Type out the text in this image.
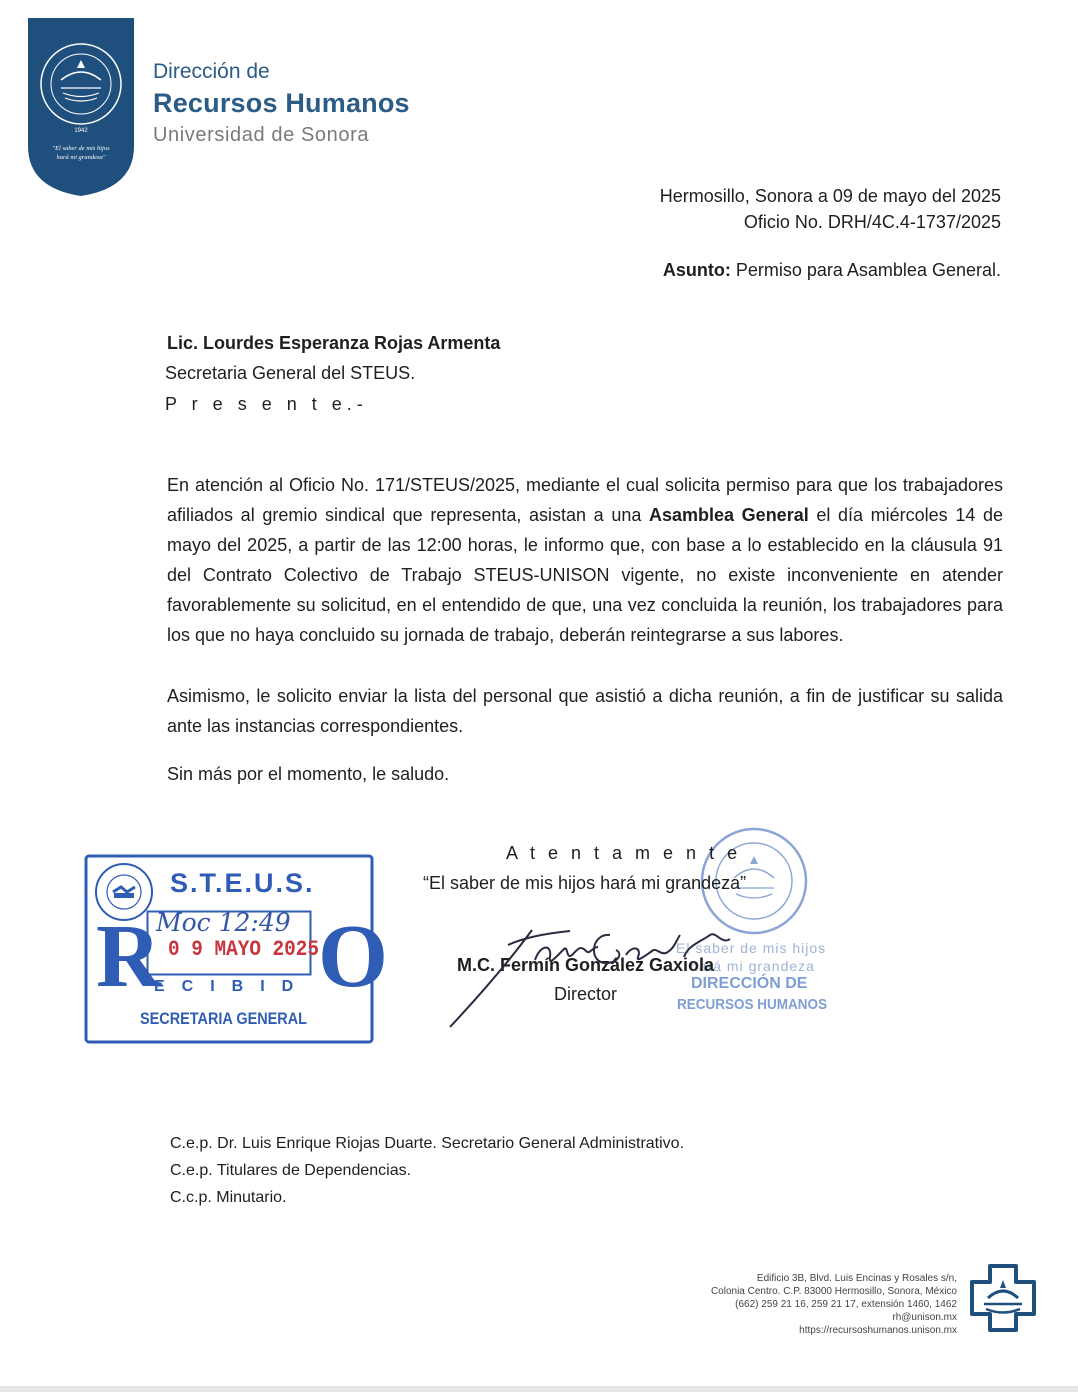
1942
"El saber de mis hijos
hará mi grandeza"
Dirección de
Recursos Humanos
Universidad de Sonora
Hermosillo, Sonora a 09 de mayo del 2025
Oficio No. DRH/4C.4-1737/2025
Asunto: Permiso para Asamblea General.
Lic. Lourdes Esperanza Rojas Armenta
Secretaria General del STEUS.
P r e s e n t e.-
En atención al Oficio No. 171/STEUS/2025, mediante el cual solicita permiso para que los trabajadores afiliados al gremio sindical que representa, asistan a una Asamblea General el día miércoles 14 de mayo del 2025, a partir de las 12:00 horas, le informo que, con base a lo establecido en la cláusula 91 del Contrato Colectivo de Trabajo STEUS-UNISON vigente, no existe inconveniente en atender favorablemente su solicitud, en el entendido de que, una vez concluida la reunión, los trabajadores para los que no haya concluido su jornada de trabajo, deberán reintegrarse a sus labores.
Asimismo, le solicito enviar la lista del personal que asistió a dicha reunión, a fin de justificar su salida ante las instancias correspondientes.
Sin más por el momento, le saludo.
S.T.E.U.S.
R O
Moc 12:49
0 9 MAYO 2025
ECIBID
SECRETARIA GENERAL
El saber de mis hijos
hará mi grandeza
DIRECCIÓN DE
RECURSOS HUMANOS
A t e n t a m e n t e
“El saber de mis hijos hará mi grandeza”
M.C. Fermín González Gaxiola
Director
C.e.p. Dr. Luis Enrique Riojas Duarte. Secretario General Administrativo.
C.e.p. Titulares de Dependencias.
C.c.p. Minutario.
Edificio 3B, Blvd. Luis Encinas y Rosales s/n,
Colonia Centro. C.P. 83000 Hermosillo, Sonora, México
(662) 259 21 16, 259 21 17, extensión 1460, 1462
rh@unison.mx
https://recursoshumanos.unison.mx
